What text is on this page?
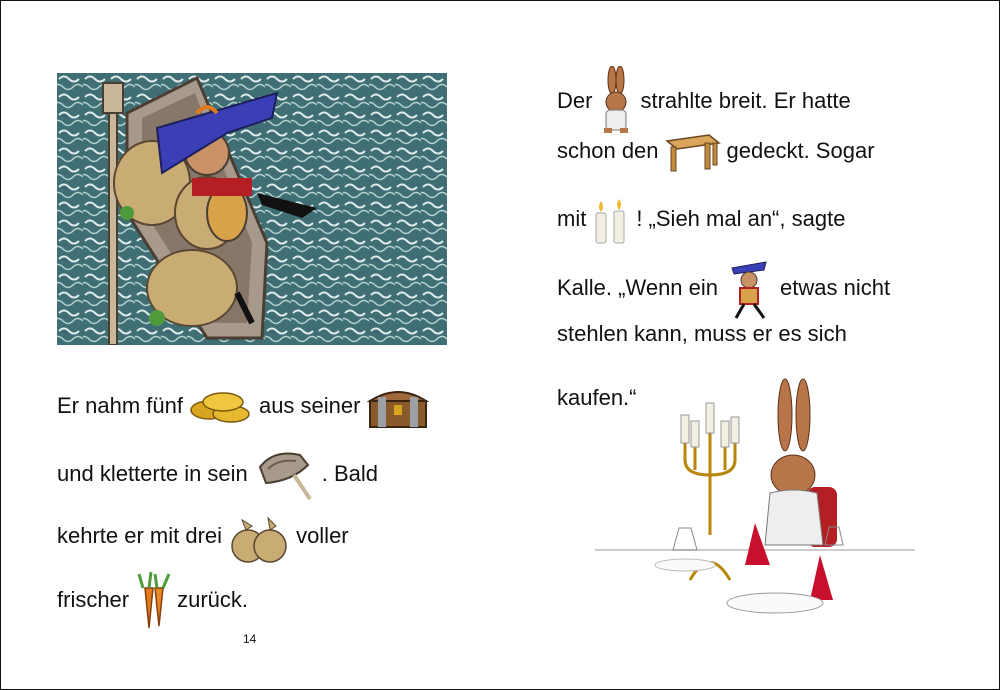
Er nahm fünf	aus seiner
und kletterte in sein	. Bald
kehrte er mit drei	voller
frischer zurück.
14
Der strahlte breit. Er hatte
schon den	gedeckt. Sogar
mit ! „Sieh mal an“, sagte
Kalle. „Wenn ein	etwas nicht
stehlen kann, muss er es sich
kaufen.“
